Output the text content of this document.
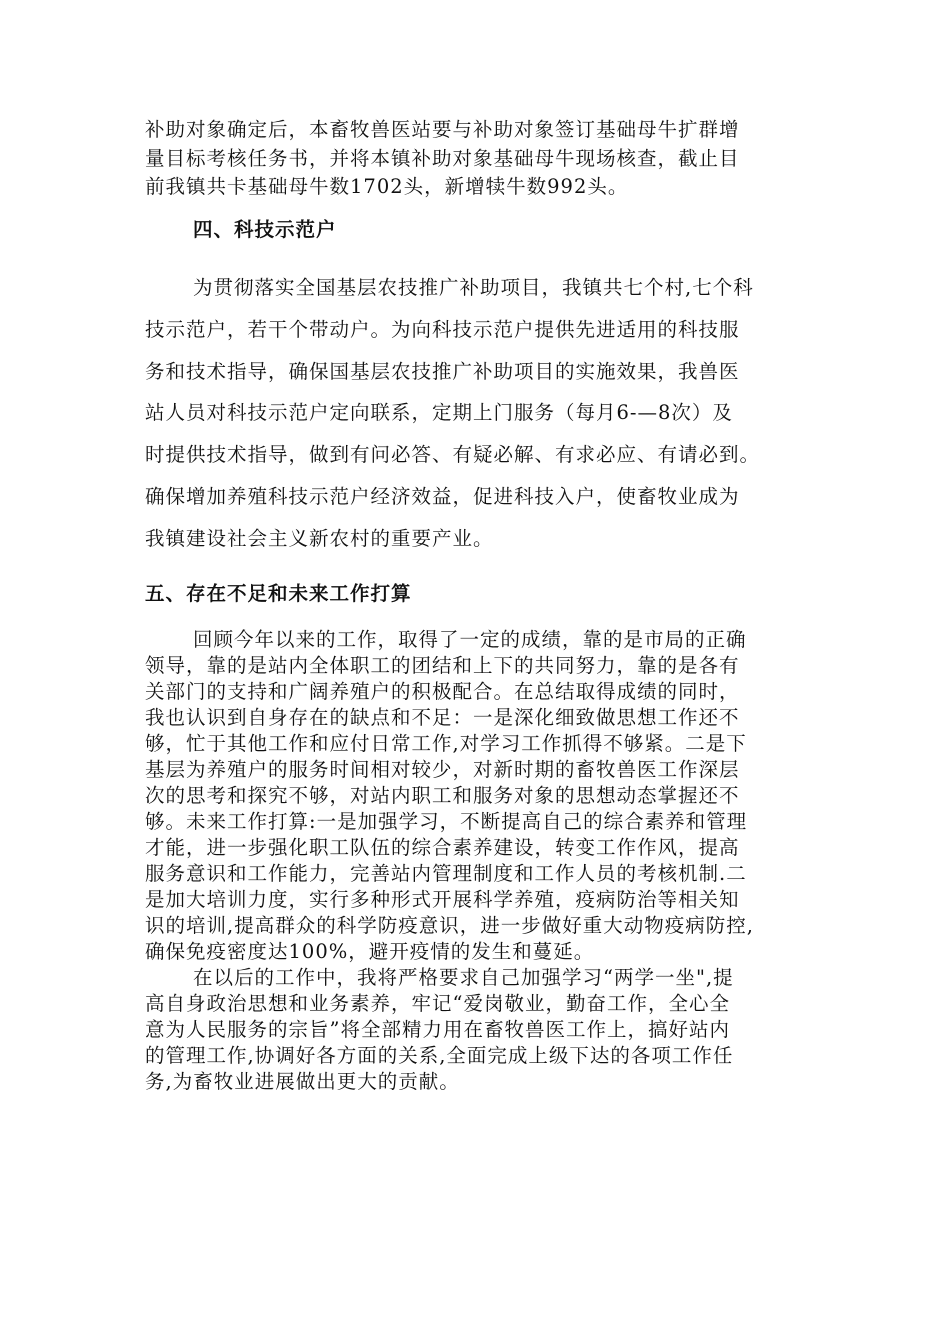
补助对象确定后，本畜牧兽医站要与补助对象签订基础母牛扩群增
量目标考核任务书，并将本镇补助对象基础母牛现场核查，截止目
前我镇共卡基础母牛数1702头，新增犊牛数992头。
四、科技示范户
为贯彻落实全国基层农技推广补助项目，我镇共七个村,七个科
技示范户，若干个带动户。为向科技示范户提供先进适用的科技服
务和技术指导，确保国基层农技推广补助项目的实施效果，我兽医
站人员对科技示范户定向联系，定期上门服务（每月6-—8次）及
时提供技术指导，做到有问必答、有疑必解、有求必应、有请必到。
确保增加养殖科技示范户经济效益，促进科技入户，使畜牧业成为
我镇建设社会主义新农村的重要产业。
五、存在不足和未来工作打算
回顾今年以来的工作，取得了一定的成绩，靠的是市局的正确
领导，靠的是站内全体职工的团结和上下的共同努力，靠的是各有
关部门的支持和广阔养殖户的积极配合。在总结取得成绩的同时，
我也认识到自身存在的缺点和不足：一是深化细致做思想工作还不
够，忙于其他工作和应付日常工作,对学习工作抓得不够紧。二是下
基层为养殖户的服务时间相对较少，对新时期的畜牧兽医工作深层
次的思考和探究不够，对站内职工和服务对象的思想动态掌握还不
够。未来工作打算:一是加强学习，不断提高自己的综合素养和管理
才能，进一步强化职工队伍的综合素养建设，转变工作作风，提高
服务意识和工作能力，完善站内管理制度和工作人员的考核机制.二
是加大培训力度，实行多种形式开展科学养殖，疫病防治等相关知
识的培训,提高群众的科学防疫意识，进一步做好重大动物疫病防控,
确保免疫密度达100%，避开疫情的发生和蔓延。
在以后的工作中，我将严格要求自己加强学习“两学一坐",提
高自身政治思想和业务素养，牢记“爱岗敬业，勤奋工作，全心全
意为人民服务的宗旨”将全部精力用在畜牧兽医工作上，搞好站内
的管理工作,协调好各方面的关系,全面完成上级下达的各项工作任
务,为畜牧业进展做出更大的贡献。
